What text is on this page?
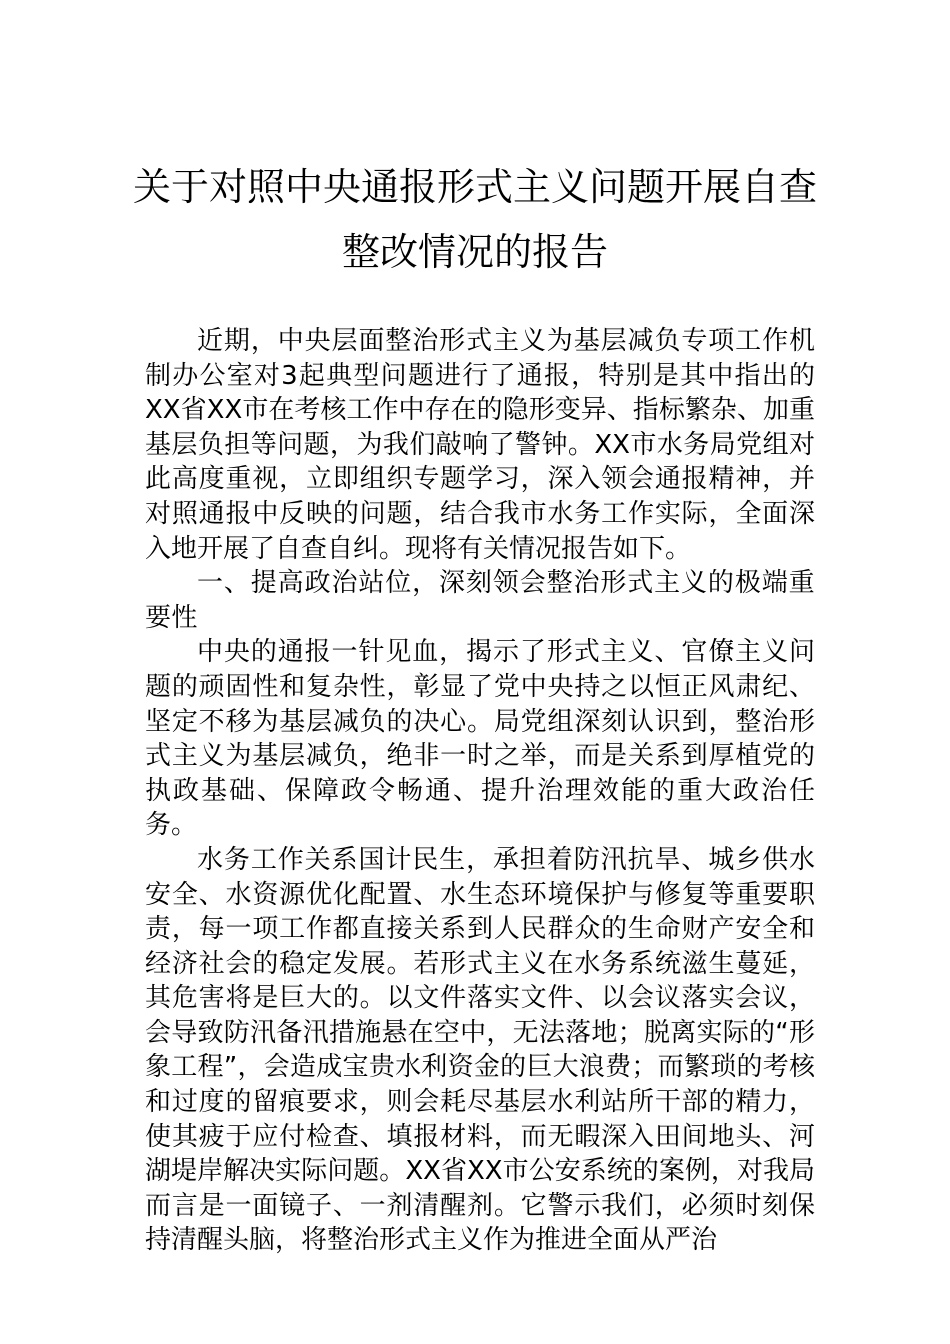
关于对照中央通报形式主义问题开展自查
整改情况的报告

近期，中央层面整治形式主义为基层减负专项工作机制办公室对3起典型问题进行了通报，特别是其中指出的XX省XX市在考核工作中存在的隐形变异、指标繁杂、加重基层负担等问题，为我们敲响了警钟。XX市水务局党组对此高度重视，立即组织专题学习，深入领会通报精神，并对照通报中反映的问题，结合我市水务工作实际，全面深入地开展了自查自纠。现将有关情况报告如下。

一、提高政治站位，深刻领会整治形式主义的极端重要性

中央的通报一针见血，揭示了形式主义、官僚主义问题的顽固性和复杂性，彰显了党中央持之以恒正风肃纪、坚定不移为基层减负的决心。局党组深刻认识到，整治形式主义为基层减负，绝非一时之举，而是关系到厚植党的执政基础、保障政令畅通、提升治理效能的重大政治任务。

水务工作关系国计民生，承担着防汛抗旱、城乡供水安全、水资源优化配置、水生态环境保护与修复等重要职责，每一项工作都直接关系到人民群众的生命财产安全和经济社会的稳定发展。若形式主义在水务系统滋生蔓延，其危害将是巨大的。以文件落实文件、以会议落实会议，会导致防汛备汛措施悬在空中，无法落地；脱离实际的“形象工程”，会造成宝贵水利资金的巨大浪费；而繁琐的考核和过度的留痕要求，则会耗尽基层水利站所干部的精力，使其疲于应付检查、填报材料，而无暇深入田间地头、河湖堤岸解决实际问题。XX省XX市公安系统的案例，对我局而言是一面镜子、一剂清醒剂。它警示我们，必须时刻保持清醒头脑，将整治形式主义作为推进全面从严治
